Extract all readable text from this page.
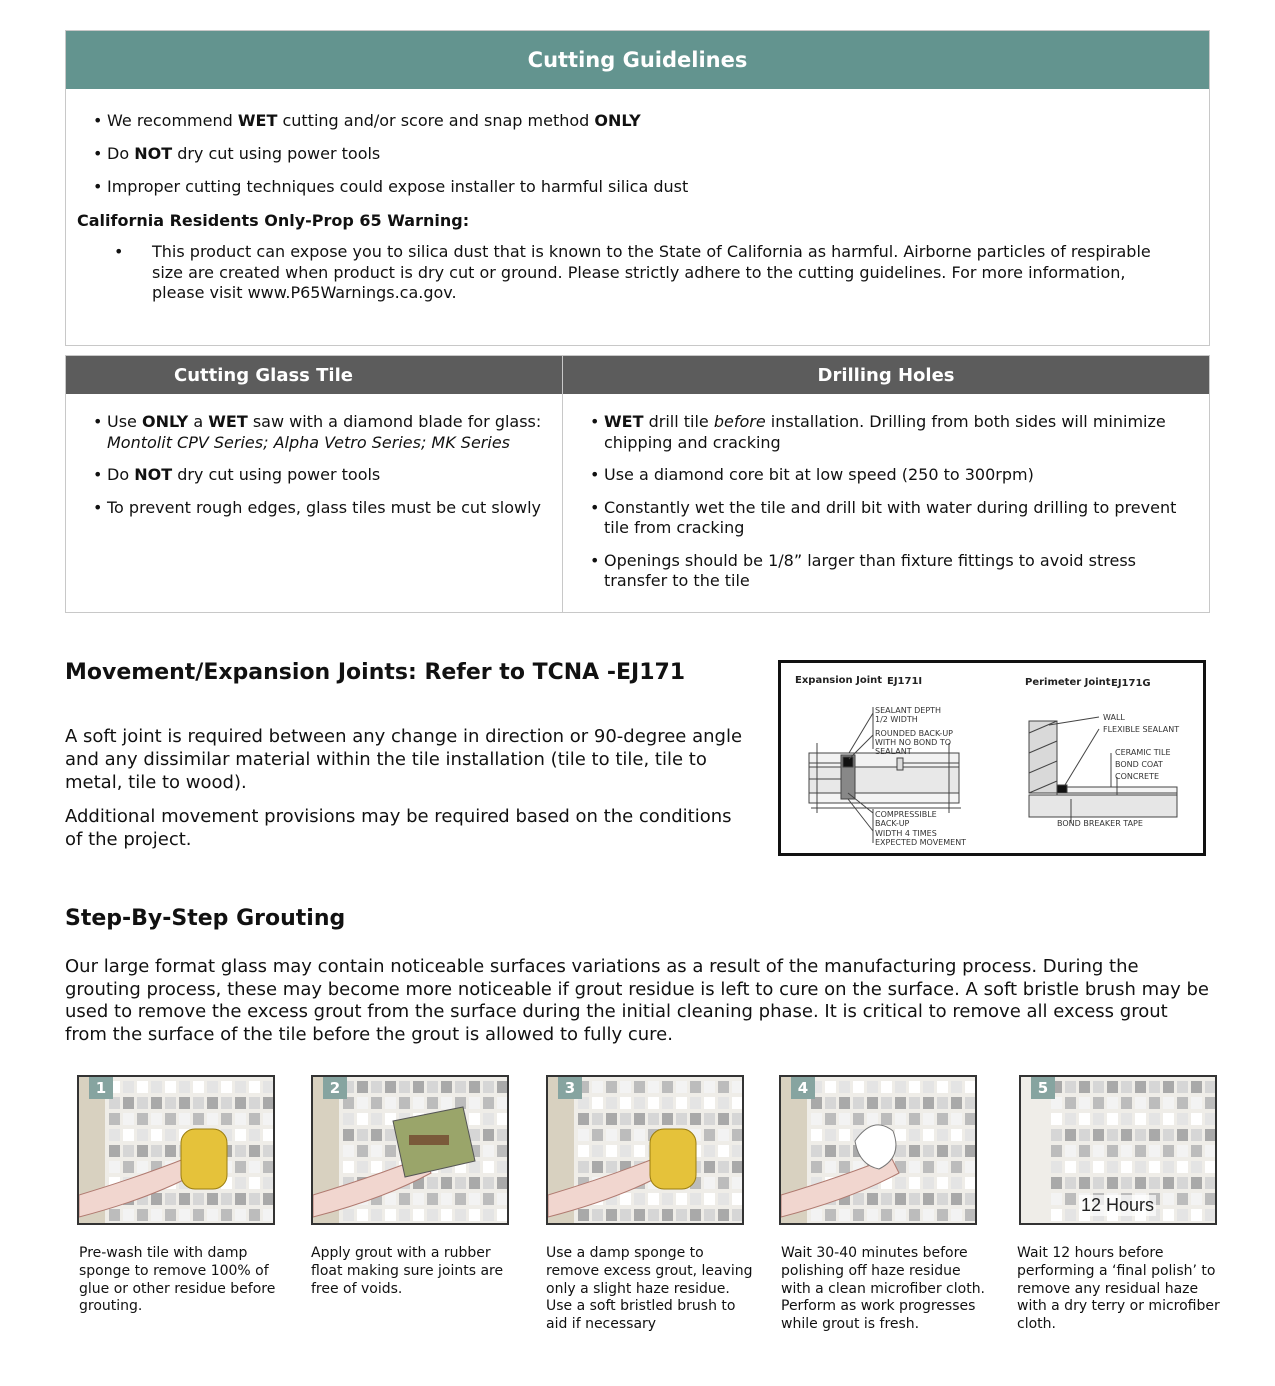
Cutting Guidelines
• We recommend WET cutting and/or score and snap method ONLY
• Do NOT dry cut using power tools
• Improper cutting techniques could expose installer to harmful silica dust
California Residents Only-Prop 65 Warning:
• This product can expose you to silica dust that is known to the State of California as harmful. Airborne particles of respirable size are created when product is dry cut or ground. Please strictly adhere to the cutting guidelines. For more information, please visit www.P65Warnings.ca.gov.
Cutting Glass Tile	Drilling Holes
• Use ONLY a WET saw with a diamond blade for glass: Montolit CPV Series; Alpha Vetro Series; MK Series
• Do NOT dry cut using power tools
• To prevent rough edges, glass tiles must be cut slowly
• WET drill tile before installation. Drilling from both sides will minimize chipping and cracking
• Use a diamond core bit at low speed (250 to 300rpm)
• Constantly wet the tile and drill bit with water during drilling to prevent tile from cracking
• Openings should be 1/8” larger than fixture fittings to avoid stress transfer to the tile
Movement/Expansion Joints: Refer to TCNA -EJ171
A soft joint is required between any change in direction or 90-degree angle and any dissimilar material within the tile installation (tile to tile, tile to metal, tile to wood).
Additional movement provisions may be required based on the conditions of the project.
Expansion Joint EJ171I	Perimeter Joint EJ171G
SEALANT DEPTH
1/2 WIDTH
ROUNDED BACK-UP
WITH NO BOND TO
SEALANT
COMPRESSIBLE
BACK-UP
WIDTH 4 TIMES
EXPECTED MOVEMENT
WALL
FLEXIBLE SEALANT
CERAMIC TILE
BOND COAT
CONCRETE
BOND BREAKER TAPE
Step-By-Step Grouting
Our large format glass may contain noticeable surfaces variations as a result of the manufacturing process. During the grouting process, these may become more noticeable if grout residue is left to cure on the surface. A soft bristle brush may be used to remove the excess grout from the surface during the initial cleaning phase. It is critical to remove all excess grout from the surface of the tile before the grout is allowed to fully cure.
1
Pre-wash tile with damp sponge to remove 100% of glue or other residue before grouting.
2
Apply grout with a rubber float making sure joints are free of voids.
3
Use a damp sponge to remove excess grout, leaving only a slight haze residue. Use a soft bristled brush to aid if necessary
4
Wait 30-40 minutes before polishing off haze residue with a clean microfiber cloth. Perform as work progresses while grout is fresh.
5
12 Hours
Wait 12 hours before performing a ‘final polish’ to remove any residual haze with a dry terry or microfiber cloth.
